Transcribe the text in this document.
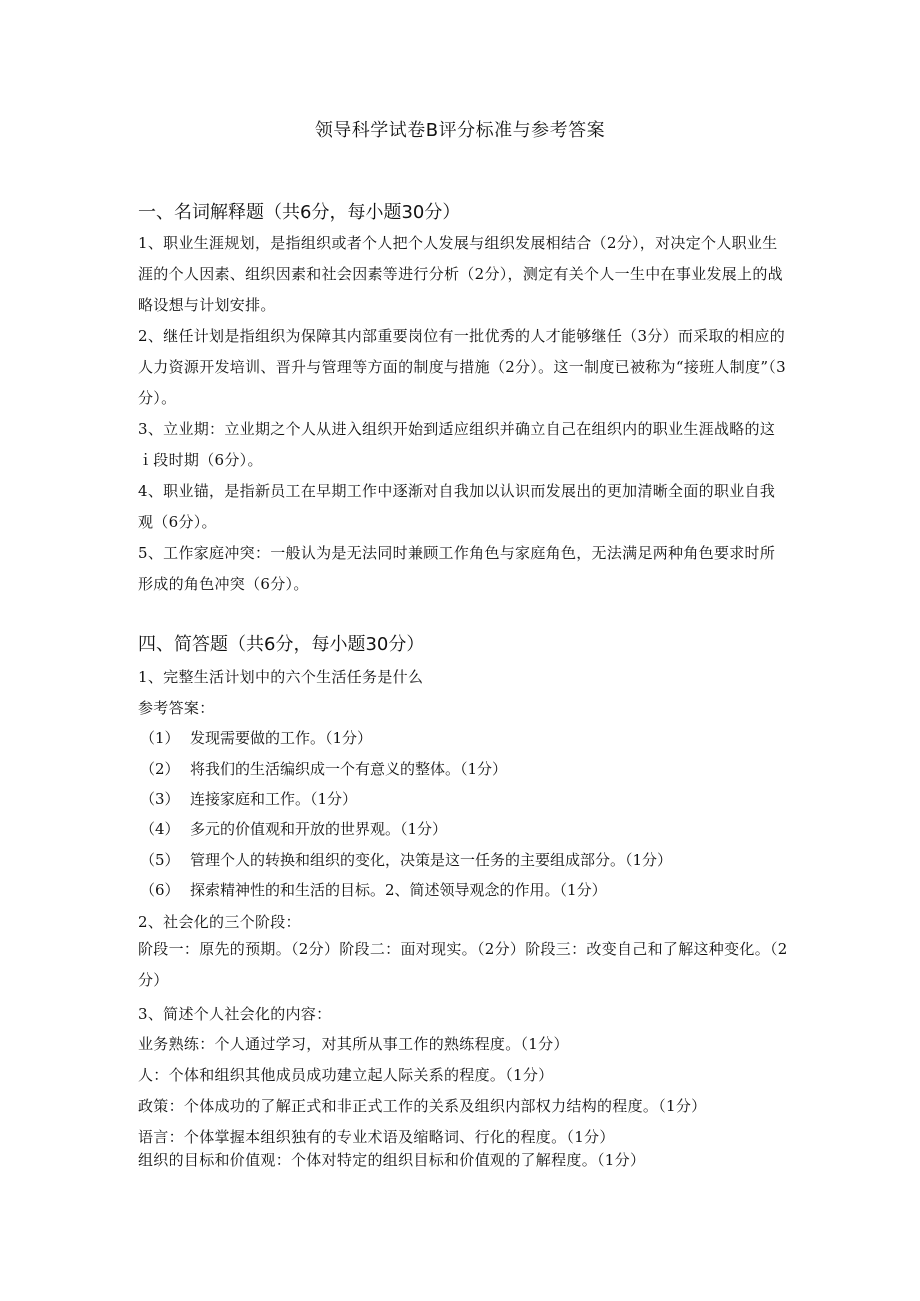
领导科学试卷B评分标准与参考答案
一、名词解释题（共6分，每小题30分）
1、职业生涯规划，是指组织或者个人把个人发展与组织发展相结合（2分），对决定个人职业生涯的个人因素、组织因素和社会因素等进行分析（2分），测定有关个人一生中在事业发展上的战略设想与计划安排。
2、继任计划是指组织为保障其内部重要岗位有一批优秀的人才能够继任（3分）而采取的相应的人力资源开发培训、晋升与管理等方面的制度与措施（2分）。这一制度已被称为“接班人制度”（3分）。
3、立业期：立业期之个人从进入组织开始到适应组织并确立自己在组织内的职业生涯战略的这ｉ段时期（6分）。
4、职业锚，是指新员工在早期工作中逐渐对自我加以认识而发展出的更加清晰全面的职业自我观（6分）。
5、工作家庭冲突：一般认为是无法同时兼顾工作角色与家庭角色，无法满足两种角色要求时所形成的角色冲突（6分）。
四、简答题（共6分，每小题30分）
1、完整生活计划中的六个生活任务是什么
参考答案：
（1） 发现需要做的工作。（1分）
（2） 将我们的生活编织成一个有意义的整体。（1分）
（3） 连接家庭和工作。（1分）
（4） 多元的价值观和开放的世界观。（1分）
（5） 管理个人的转换和组织的变化，决策是这一任务的主要组成部分。（1分）
（6） 探索精神性的和生活的目标。2、简述领导观念的作用。（1分）
2、社会化的三个阶段：
阶段一：原先的预期。（2分）阶段二：面对现实。（2分）阶段三：改变自己和了解这种变化。（2分）
3、简述个人社会化的内容：
业务熟练：个人通过学习，对其所从事工作的熟练程度。（1分）
人：个体和组织其他成员成功建立起人际关系的程度。（1分）
政策：个体成功的了解正式和非正式工作的关系及组织内部权力结构的程度。（1分）
语言：个体掌握本组织独有的专业术语及缩略词、行化的程度。（1分）
组织的目标和价值观：个体对特定的组织目标和价值观的了解程度。（1分）
